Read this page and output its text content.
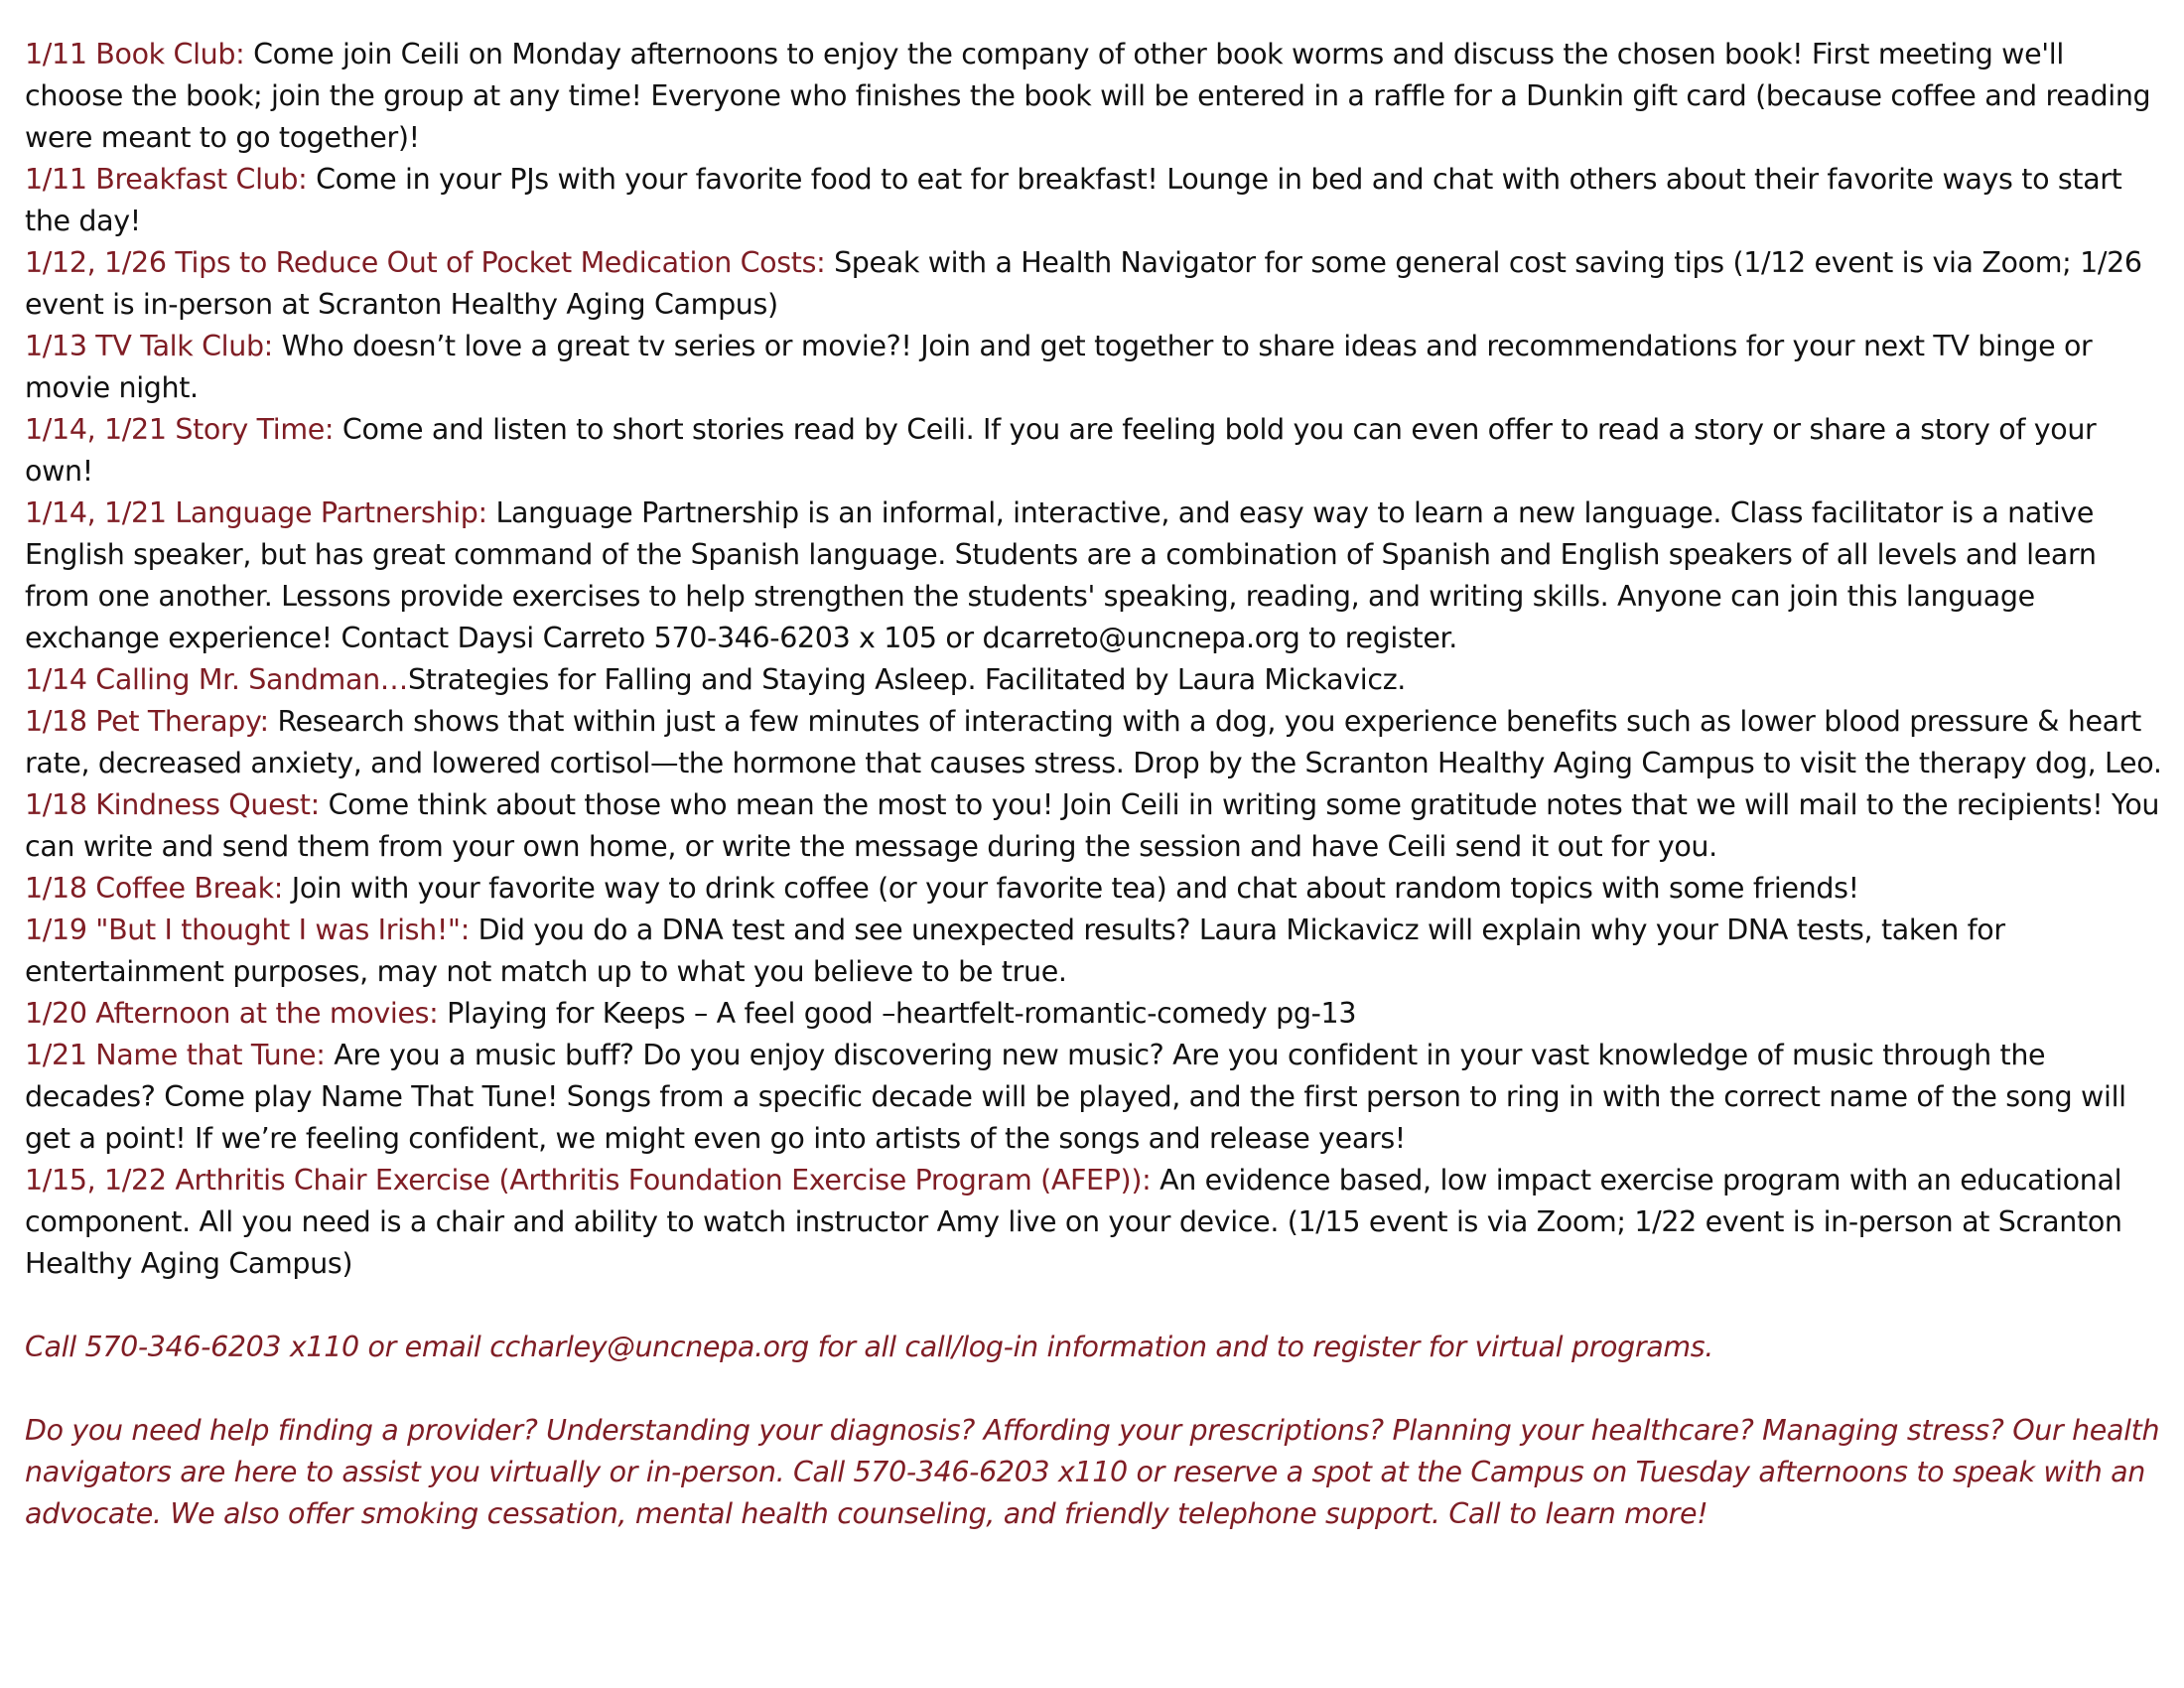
1/11 Book Club: Come join Ceili on Monday afternoons to enjoy the company of other book worms and discuss the chosen book! First meeting we'll choose the book; join the group at any time! Everyone who finishes the book will be entered in a raffle for a Dunkin gift card (because coffee and reading were meant to go together)!
1/11 Breakfast Club: Come in your PJs with your favorite food to eat for breakfast! Lounge in bed and chat with others about their favorite ways to start the day!
1/12, 1/26 Tips to Reduce Out of Pocket Medication Costs: Speak with a Health Navigator for some general cost saving tips (1/12 event is via Zoom; 1/26 event is in-person at Scranton Healthy Aging Campus)
1/13 TV Talk Club: Who doesn’t love a great tv series or movie?! Join and get together to share ideas and recommendations for your next TV binge or movie night.
1/14, 1/21 Story Time: Come and listen to short stories read by Ceili. If you are feeling bold you can even offer to read a story or share a story of your own!
1/14, 1/21 Language Partnership: Language Partnership is an informal, interactive, and easy way to learn a new language. Class facilitator is a native English speaker, but has great command of the Spanish language. Students are a combination of Spanish and English speakers of all levels and learn from one another. Lessons provide exercises to help strengthen the students' speaking, reading, and writing skills. Anyone can join this language exchange experience! Contact Daysi Carreto 570-346-6203 x 105 or dcarreto@uncnepa.org to register.
1/14 Calling Mr. Sandman…Strategies for Falling and Staying Asleep. Facilitated by Laura Mickavicz.
1/18 Pet Therapy: Research shows that within just a few minutes of interacting with a dog, you experience benefits such as lower blood pressure & heart rate, decreased anxiety, and lowered cortisol—the hormone that causes stress. Drop by the Scranton Healthy Aging Campus to visit the therapy dog, Leo.
1/18 Kindness Quest: Come think about those who mean the most to you! Join Ceili in writing some gratitude notes that we will mail to the recipients! You can write and send them from your own home, or write the message during the session and have Ceili send it out for you.
1/18 Coffee Break: Join with your favorite way to drink coffee (or your favorite tea) and chat about random topics with some friends!
1/19 "But I thought I was Irish!": Did you do a DNA test and see unexpected results? Laura Mickavicz will explain why your DNA tests, taken for entertainment purposes, may not match up to what you believe to be true.
1/20 Afternoon at the movies: Playing for Keeps – A feel good –heartfelt-romantic-comedy pg-13
1/21 Name that Tune: Are you a music buff? Do you enjoy discovering new music? Are you confident in your vast knowledge of music through the decades? Come play Name That Tune! Songs from a specific decade will be played, and the first person to ring in with the correct name of the song will get a point! If we’re feeling confident, we might even go into artists of the songs and release years!
1/15, 1/22 Arthritis Chair Exercise (Arthritis Foundation Exercise Program (AFEP)): An evidence based, low impact exercise program with an educational component. All you need is a chair and ability to watch instructor Amy live on your device. (1/15 event is via Zoom; 1/22 event is in-person at Scranton Healthy Aging Campus)

Call 570-346-6203 x110 or email ccharley@uncnepa.org for all call/log-in information and to register for virtual programs.

Do you need help finding a provider? Understanding your diagnosis? Affording your prescriptions? Planning your healthcare? Managing stress? Our health navigators are here to assist you virtually or in-person. Call 570-346-6203 x110 or reserve a spot at the Campus on Tuesday afternoons to speak with an advocate. We also offer smoking cessation, mental health counseling, and friendly telephone support. Call to learn more!
